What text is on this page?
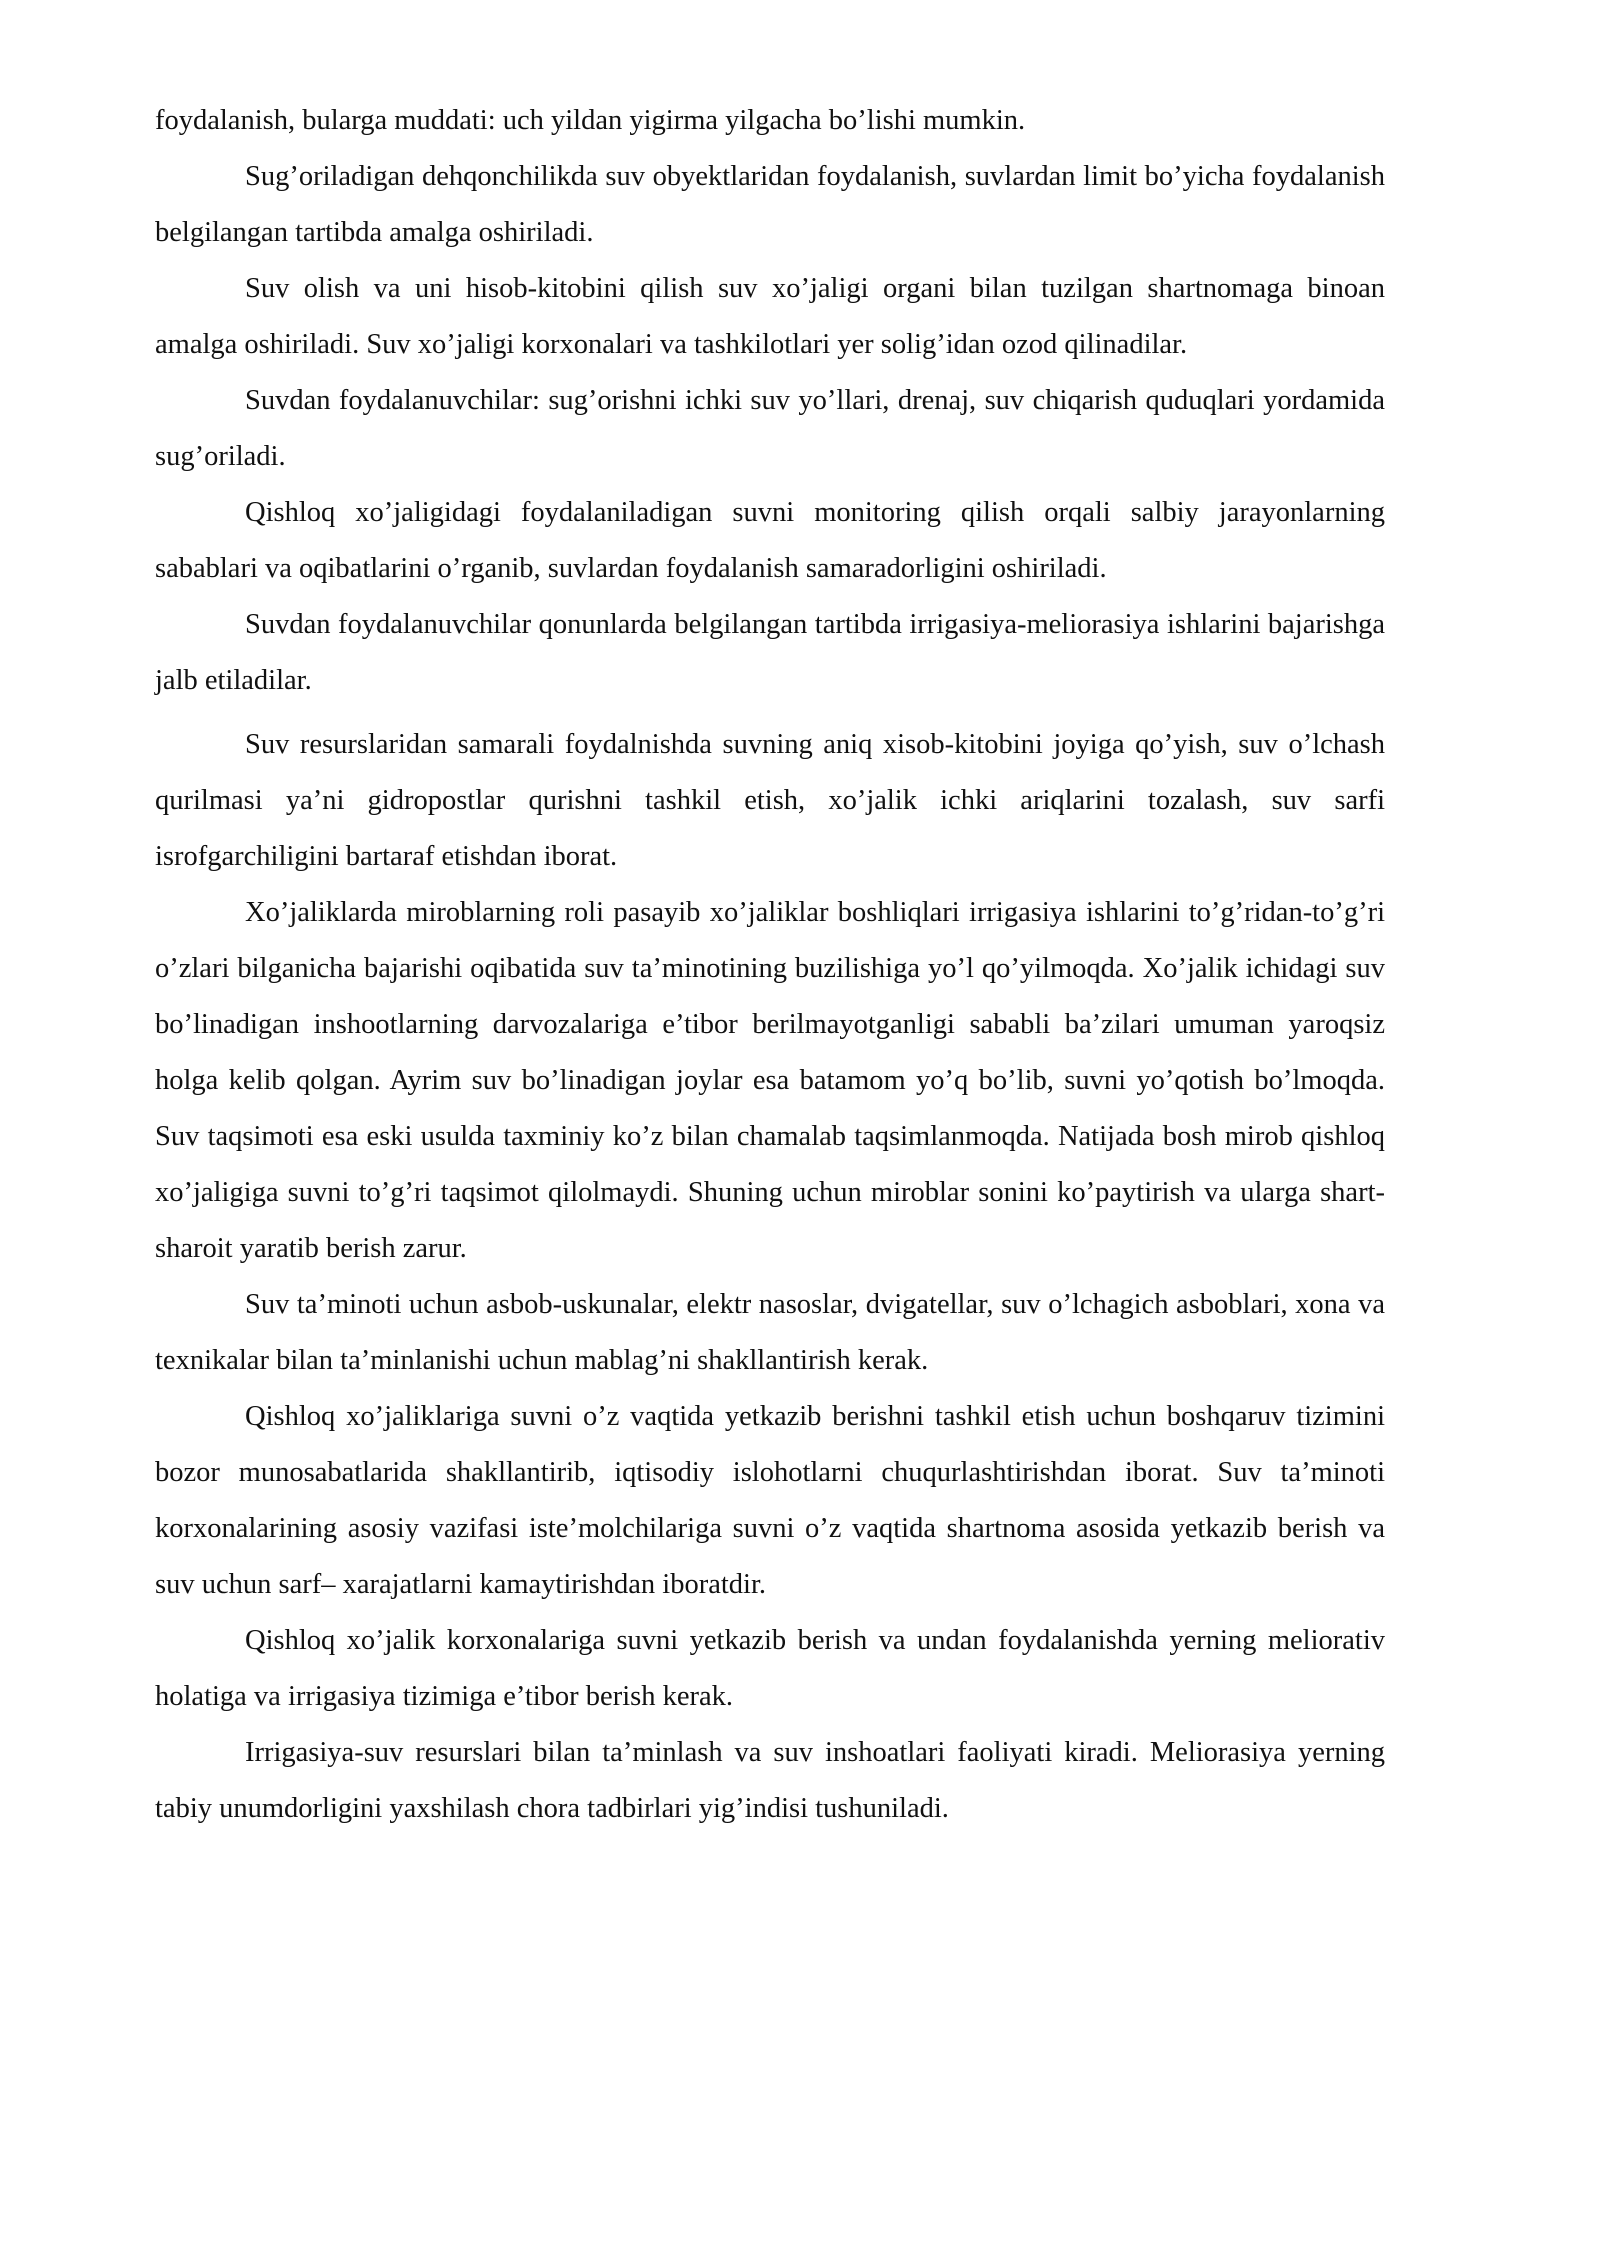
foydalanish, bularga muddati: uch yildan yigirma yilgacha bo’lishi mumkin.

Sug’oriladigan dehqonchilikda suv obyektlaridan foydalanish, suvlardan limit bo’yicha foydalanish belgilangan tartibda amalga oshiriladi.

Suv olish va uni hisob-kitobini qilish suv xo’jaligi organi bilan tuzilgan shartnomaga binoan amalga oshiriladi. Suv xo’jaligi korxonalari va tashkilotlari yer solig’idan ozod qilinadilar.

Suvdan foydalanuvchilar: sug’orishni ichki suv yo’llari, drenaj, suv chiqarish quduqlari yordamida sug’oriladi.

Qishloq xo’jaligidagi foydalaniladigan suvni monitoring qilish orqali salbiy jarayonlarning sabablari va oqibatlarini o’rganib, suvlardan foydalanish samaradorligini oshiriladi.

Suvdan foydalanuvchilar qonunlarda belgilangan tartibda irrigasiya-meliorasiya ishlarini bajarishga jalb etiladilar.

Suv resurslaridan samarali foydalnishda suvning aniq xisob-kitobini joyiga qo’yish, suv o’lchash qurilmasi ya’ni gidropostlar qurishni tashkil etish, xo’jalik ichki ariqlarini tozalash, suv sarfi isrofgarchiligini bartaraf etishdan iborat.

Xo’jaliklarda miroblarning roli pasayib xo’jaliklar boshliqlari irrigasiya ishlarini to’g’ridan-to’g’ri o’zlari bilganicha bajarishi oqibatida suv ta’minotining buzilishiga yo’l qo’yilmoqda. Xo’jalik ichidagi suv bo’linadigan inshootlarning darvozalariga e’tibor berilmayotganligi sababli ba’zilari umuman yaroqsiz holga kelib qolgan. Ayrim suv bo’linadigan joylar esa batamom yo’q bo’lib, suvni yo’qotish bo’lmoqda. Suv taqsimoti esa eski usulda taxminiy ko’z bilan chamalab taqsimlanmoqda. Natijada bosh mirob qishloq xo’jaligiga suvni to’g’ri taqsimot qilolmaydi. Shuning uchun miroblar sonini ko’paytirish va ularga shart-sharoit yaratib berish zarur.

Suv ta’minoti uchun asbob-uskunalar, elektr nasoslar, dvigatellar, suv o’lchagich asboblari, xona va texnikalar bilan ta’minlanishi uchun mablag’ni shakllantirish kerak.

Qishloq xo’jaliklariga suvni o’z vaqtida yetkazib berishni tashkil etish uchun boshqaruv tizimini bozor munosabatlarida shakllantirib, iqtisodiy islohotlarni chuqurlashtirishdan iborat. Suv ta’minoti korxonalarining asosiy vazifasi iste’molchilariga suvni o’z vaqtida shartnoma asosida yetkazib berish va suv uchun sarf– xarajatlarni kamaytirishdan iboratdir.

Qishloq xo’jalik korxonalariga suvni yetkazib berish va undan foydalanishda yerning meliorativ holatiga va irrigasiya tizimiga e’tibor berish kerak.

Irrigasiya-suv resurslari bilan ta’minlash va suv inshoatlari faoliyati kiradi. Meliorasiya yerning tabiy unumdorligini yaxshilash chora tadbirlari yig’indisi tushuniladi.
